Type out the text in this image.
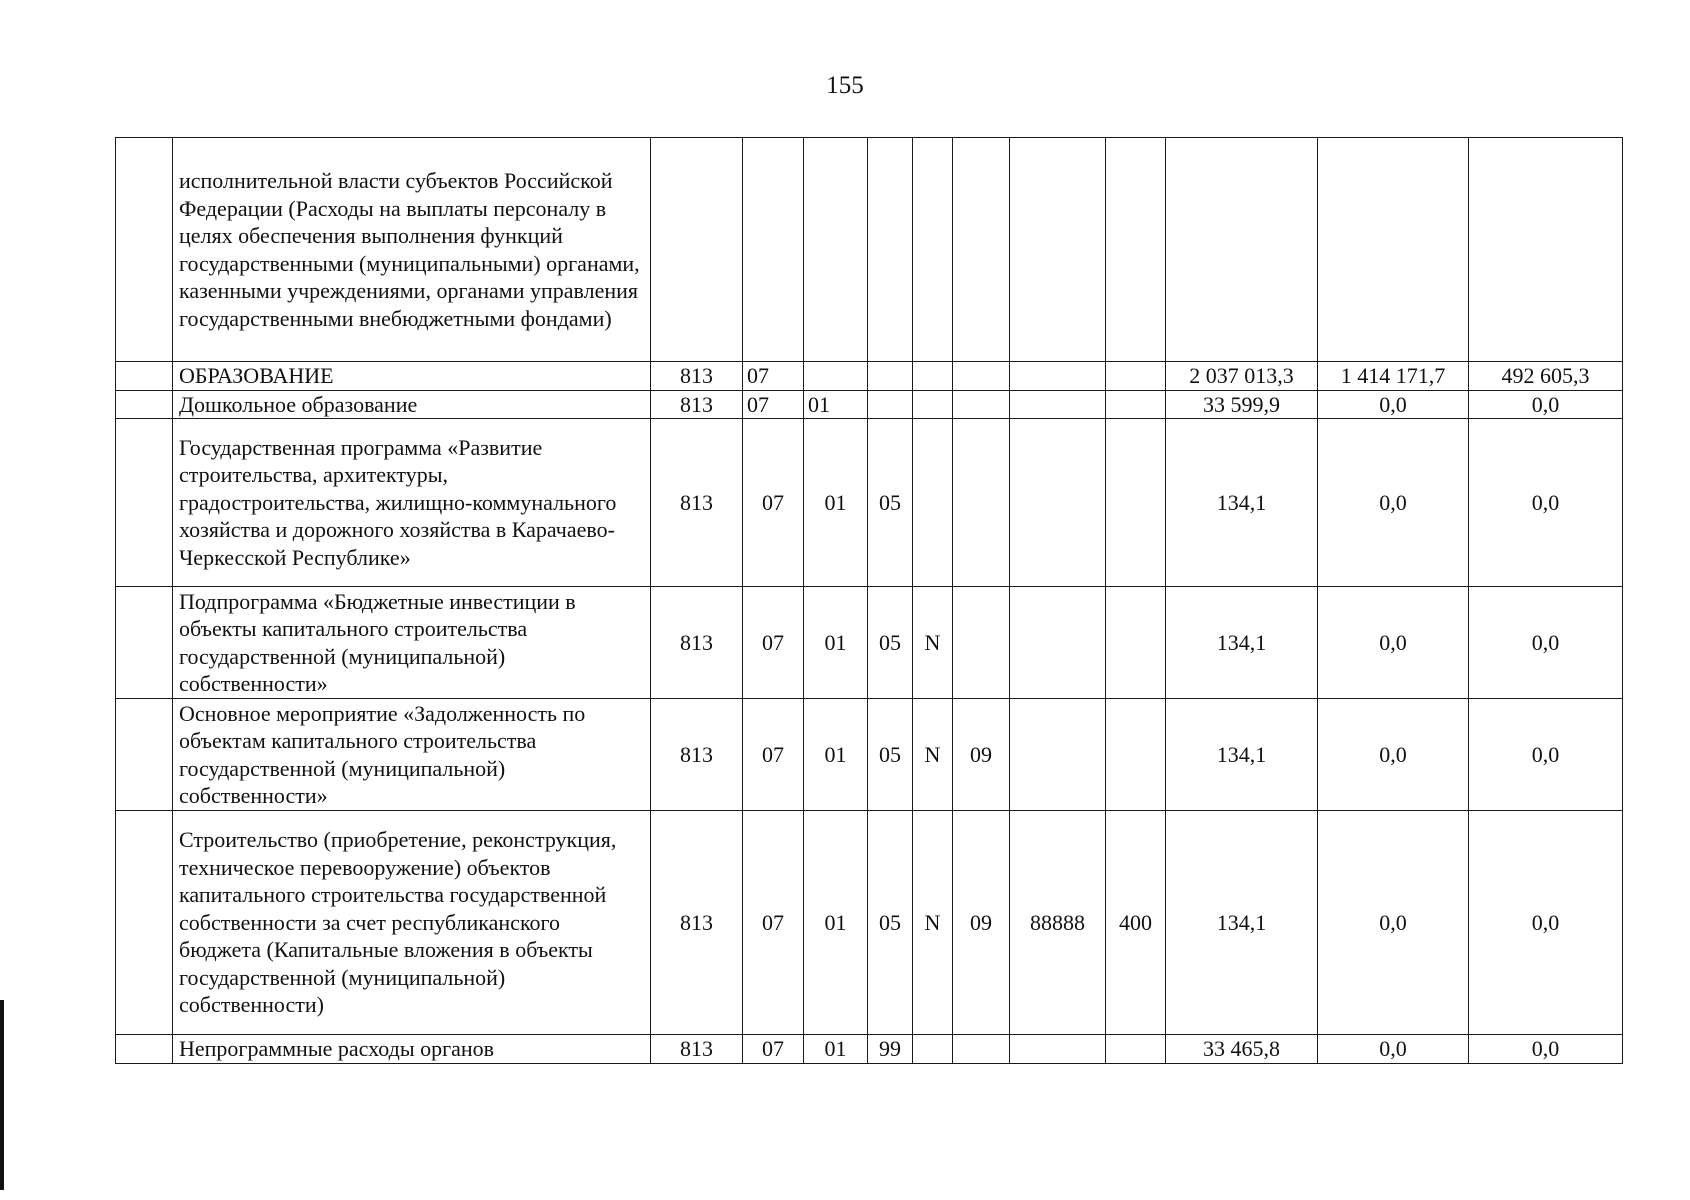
155
	исполнительной власти субъектов Российской Федерации (Расходы на выплаты персоналу в целях обеспечения выполнения функций государственными (муниципальными) органами, казенными учреждениями, органами управления государственными внебюджетными фондами)											
	ОБРАЗОВАНИЕ	813	07							2 037 013,3	1 414 171,7	492 605,3
	Дошкольное образование	813	07	01						33 599,9	0,0	0,0
	Государственная программа «Развитие строительства, архитектуры, градостроительства, жилищно-коммунального хозяйства и дорожного хозяйства в Карачаево-Черкесской Республике»	813	07	01	05					134,1	0,0	0,0
	Подпрограмма «Бюджетные инвестиции в объекты капитального строительства государственной (муниципальной) собственности»	813	07	01	05	N				134,1	0,0	0,0
	Основное мероприятие «Задолженность по объектам капитального строительства государственной (муниципальной) собственности»	813	07	01	05	N	09			134,1	0,0	0,0
	Строительство (приобретение, реконструкция, техническое перевооружение) объектов капитального строительства государственной собственности за счет республиканского бюджета (Капитальные вложения в объекты государственной (муниципальной) собственности)	813	07	01	05	N	09	88888	400	134,1	0,0	0,0
	Непрограммные расходы органов	813	07	01	99					33 465,8	0,0	0,0
